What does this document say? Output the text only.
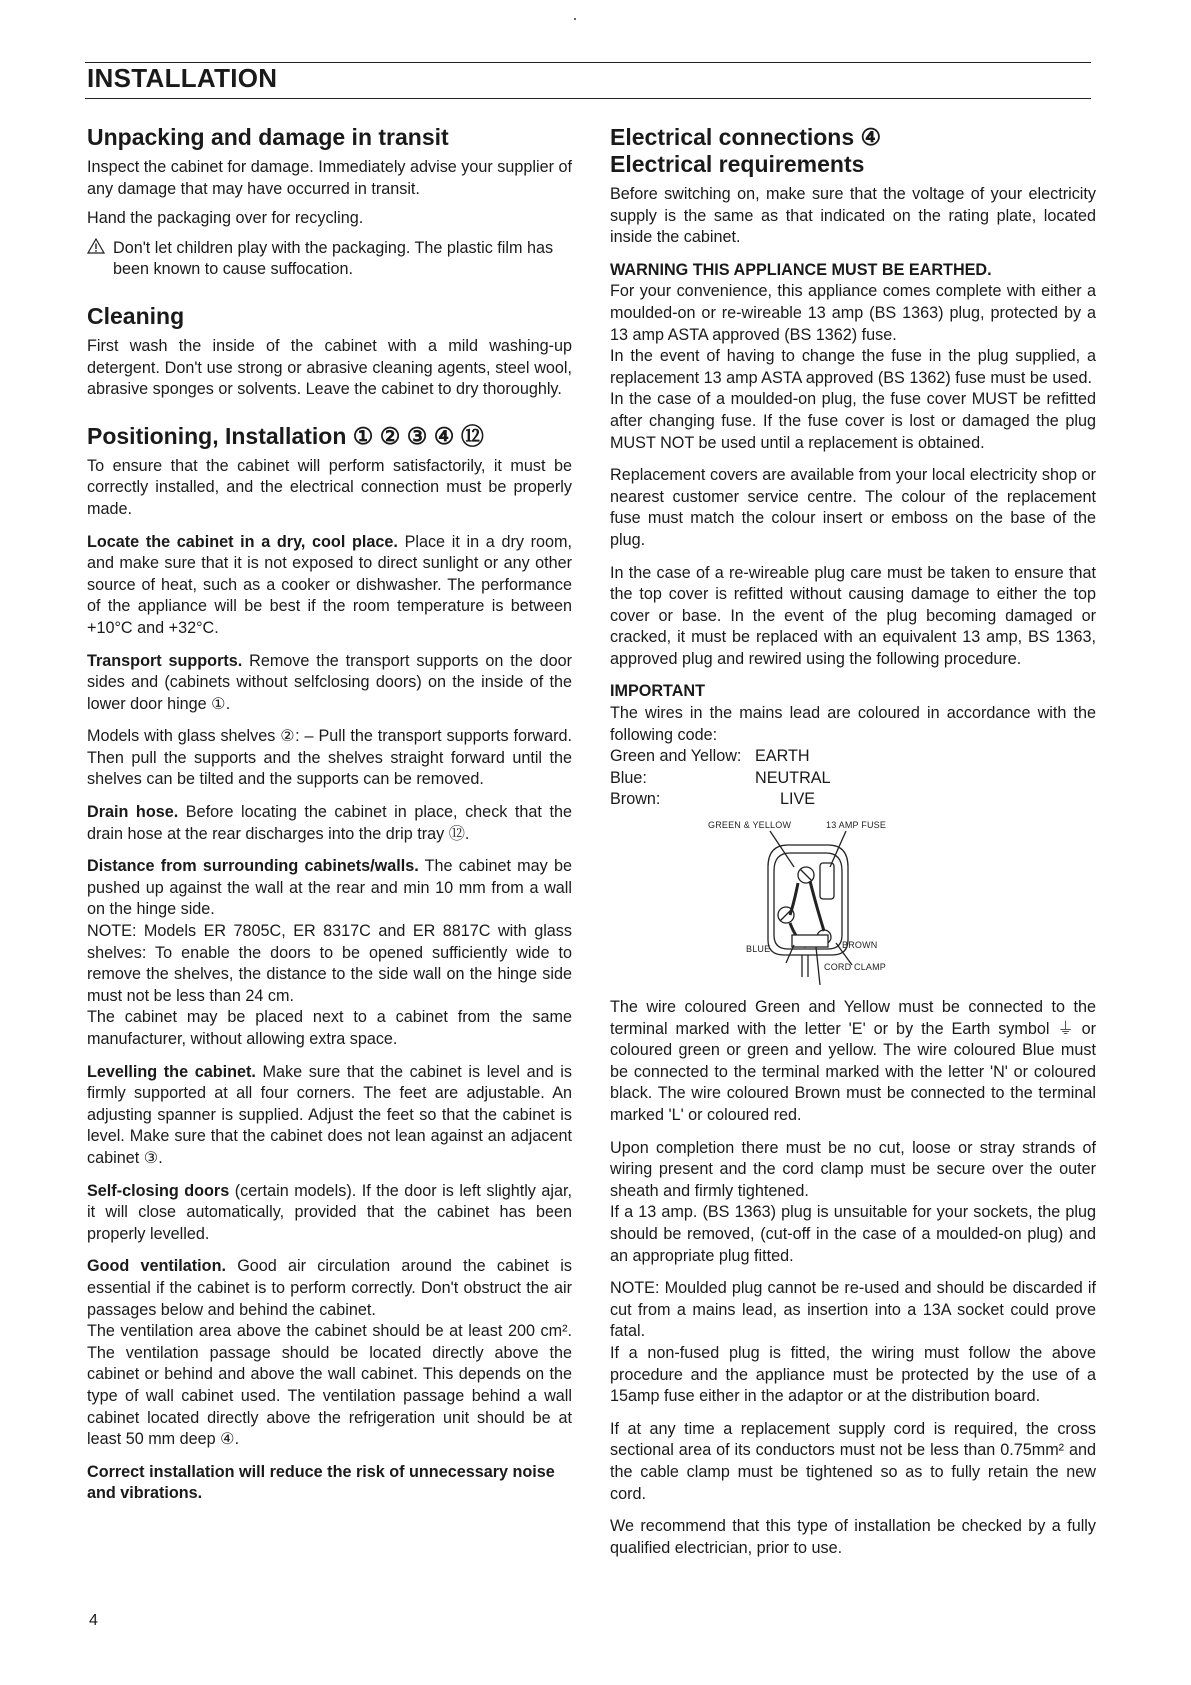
INSTALLATION
Unpacking and damage in transit

Inspect the cabinet for damage. Immediately advise your supplier of any damage that may have occurred in transit.

Hand the packaging over for recycling.

Don't let children play with the packaging. The plastic film has been known to cause suffocation.
Cleaning

First wash the inside of the cabinet with a mild washing-up detergent. Don't use strong or abrasive cleaning agents, steel wool, abrasive sponges or solvents. Leave the cabinet to dry thoroughly.

Positioning, Installation ① ② ③ ④ ⑫

To ensure that the cabinet will perform satisfactorily, it must be correctly installed, and the electrical connection must be properly made.

Locate the cabinet in a dry, cool place. Place it in a dry room, and make sure that it is not exposed to direct sunlight or any other source of heat, such as a cooker or dishwasher. The performance of the appliance will be best if the room temperature is between +10°C and +32°C.

Transport supports. Remove the transport supports on the door sides and (cabinets without selfclosing doors) on the inside of the lower door hinge ①.

Models with glass shelves ②: – Pull the transport supports forward. Then pull the supports and the shelves straight forward until the shelves can be tilted and the supports can be removed.

Drain hose. Before locating the cabinet in place, check that the drain hose at the rear discharges into the drip tray ⑫.

Distance from surrounding cabinets/walls. The cabinet may be pushed up against the wall at the rear and min 10 mm from a wall on the hinge side.

NOTE: Models ER 7805C, ER 8317C and ER 8817C with glass shelves: To enable the doors to be opened sufficiently wide to remove the shelves, the distance to the side wall on the hinge side must not be less than 24 cm.

The cabinet may be placed next to a cabinet from the same manufacturer, without allowing extra space.

Levelling the cabinet. Make sure that the cabinet is level and is firmly supported at all four corners. The feet are adjustable. An adjusting spanner is supplied. Adjust the feet so that the cabinet is level. Make sure that the cabinet does not lean against an adjacent cabinet ③.

Self-closing doors (certain models). If the door is left slightly ajar, it will close automatically, provided that the cabinet has been properly levelled.

Good ventilation. Good air circulation around the cabinet is essential if the cabinet is to perform correctly. Don't obstruct the air passages below and behind the cabinet.

The ventilation area above the cabinet should be at least 200 cm². The ventilation passage should be located directly above the cabinet or behind and above the wall cabinet. This depends on the type of wall cabinet used. The ventilation passage behind a wall cabinet located directly above the refrigeration unit should be at least 50 mm deep ④.

Correct installation will reduce the risk of unnecessary noise and vibrations.

Electrical connections ④
Electrical requirements

Before switching on, make sure that the voltage of your electricity supply is the same as that indicated on the rating plate, located inside the cabinet.

WARNING THIS APPLIANCE MUST BE EARTHED.

For your convenience, this appliance comes complete with either a moulded-on or re-wireable 13 amp (BS 1363) plug, protected by a 13 amp ASTA approved (BS 1362) fuse.

In the event of having to change the fuse in the plug supplied, a replacement 13 amp ASTA approved (BS 1362) fuse must be used.

In the case of a moulded-on plug, the fuse cover MUST be refitted after changing fuse. If the fuse cover is lost or damaged the plug MUST NOT be used until a replacement is obtained.

Replacement covers are available from your local electricity shop or nearest customer service centre. The colour of the replacement fuse must match the colour insert or emboss on the base of the plug.

In the case of a re-wireable plug care must be taken to ensure that the top cover is refitted without causing damage to either the top cover or base. In the event of the plug becoming damaged or cracked, it must be replaced with an equivalent 13 amp, BS 1363, approved plug and rewired using the following procedure.

IMPORTANT

The wires in the mains lead are coloured in accordance with the following code:

Green and Yellow: EARTH
Blue:	NEUTRAL
Brown:	LIVE
GREEN & YELLOW	13 AMP FUSE
BLUE	BROWN
CORD CLAMP

The wire coloured Green and Yellow must be connected to the terminal marked with the letter 'E' or by the Earth symbol ⏚ or coloured green or green and yellow. The wire coloured Blue must be connected to the terminal marked with the letter 'N' or coloured black. The wire coloured Brown must be connected to the terminal marked 'L' or coloured red.

Upon completion there must be no cut, loose or stray strands of wiring present and the cord clamp must be secure over the outer sheath and firmly tightened.

If a 13 amp. (BS 1363) plug is unsuitable for your sockets, the plug should be removed, (cut-off in the case of a moulded-on plug) and an appropriate plug fitted.

NOTE: Moulded plug cannot be re-used and should be discarded if cut from a mains lead, as insertion into a 13A socket could prove fatal.

If a non-fused plug is fitted, the wiring must follow the above procedure and the appliance must be protected by the use of a 15amp fuse either in the adaptor or at the distribution board.

If at any time a replacement supply cord is required, the cross sectional area of its conductors must not be less than 0.75mm² and the cable clamp must be tightened so as to fully retain the new cord.

We recommend that this type of installation be checked by a fully qualified electrician, prior to use.

4
